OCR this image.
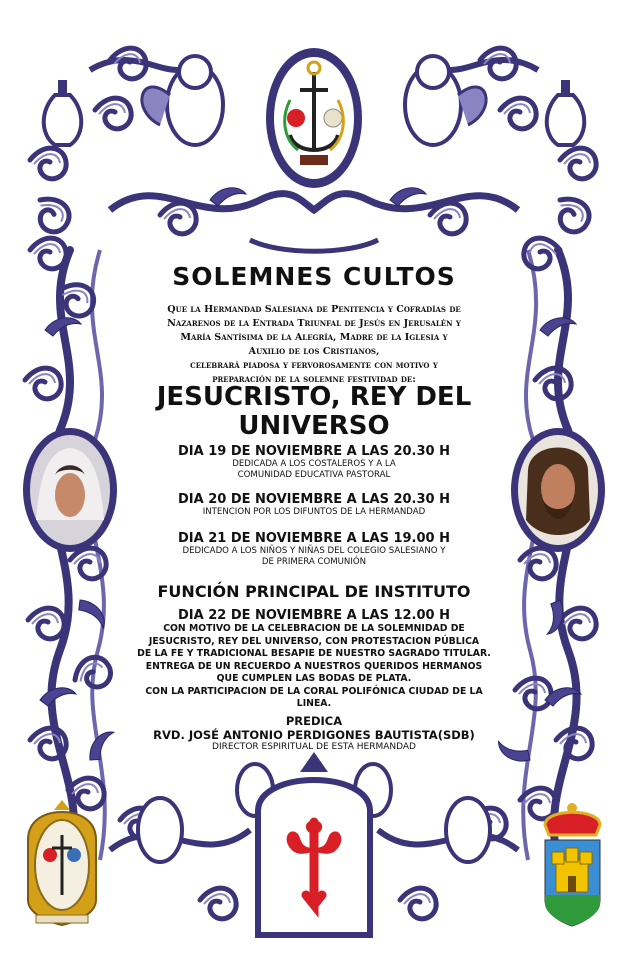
SOLEMNES CULTOS
Que la Hermandad Salesiana de Penitencia y Cofradías de
Nazarenos de la Entrada Triunfal de Jesús en Jerusalén y
María Santísima de la Alegría, Madre de la Iglesia y
Auxilio de los Cristianos,
celebrará piadosa y fervorosamente con motivo y
preparación de la solemne festividad de:
JESUCRISTO, REY DEL
UNIVERSO
DIA 19 DE NOVIEMBRE A LAS 20.30 H
DEDICADA A LOS COSTALEROS Y A LA
COMUNIDAD EDUCATIVA PASTORAL
DIA 20 DE NOVIEMBRE A LAS 20.30 H
INTENCION POR LOS DIFUNTOS DE LA HERMANDAD
DIA 21 DE NOVIEMBRE A LAS 19.00 H
DEDICADO A LOS NIÑOS Y NIÑAS DEL COLEGIO SALESIANO Y
DE PRIMERA COMUNIÓN
FUNCIÓN PRINCIPAL DE INSTITUTO
DIA 22 DE NOVIEMBRE A LAS 12.00 H
CON MOTIVO DE LA CELEBRACION DE LA SOLEMNIDAD DE
JESUCRISTO, REY DEL UNIVERSO, CON PROTESTACION PÚBLICA
DE LA FE Y TRADICIONAL BESAPIE DE NUESTRO SAGRADO TITULAR.
ENTREGA DE UN RECUERDO A NUESTROS QUERIDOS HERMANOS
QUE CUMPLEN LAS BODAS DE PLATA.
CON LA PARTICIPACION DE LA CORAL POLIFÓNICA CIUDAD DE LA
LINEA.
PREDICA
RVD. JOSÉ ANTONIO PERDIGONES BAUTISTA(SDB)
DIRECTOR ESPIRITUAL DE ESTA HERMANDAD
